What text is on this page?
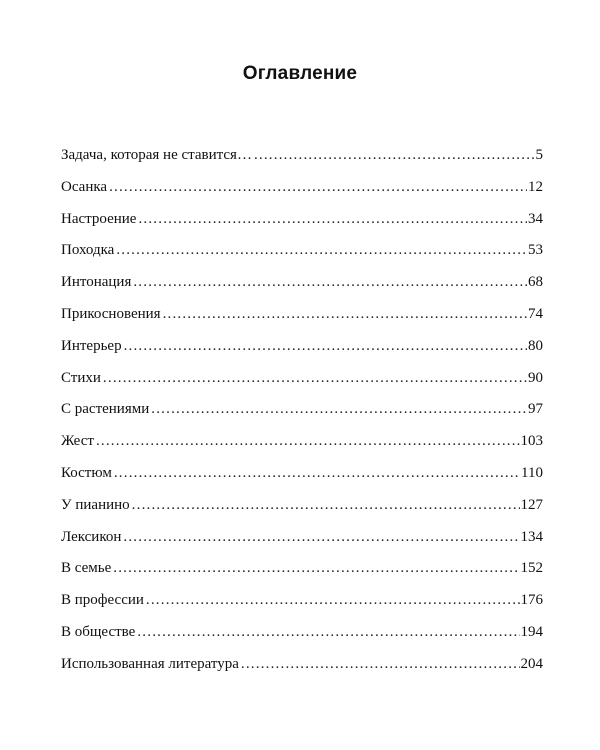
Оглавление
Задача, которая не ставится… .....	5
Осанка .....	12
Настроение .....	34
Походка .....	53
Интонация .....	68
Прикосновения .....	74
Интерьер .....	80
Стихи .....	90
С растениями .....	97
Жест .....	103
Костюм .....	110
У пианино .....	127
Лексикон .....	134
В семье .....	152
В профессии .....	176
В обществе .....	194
Использованная литература .....	204
